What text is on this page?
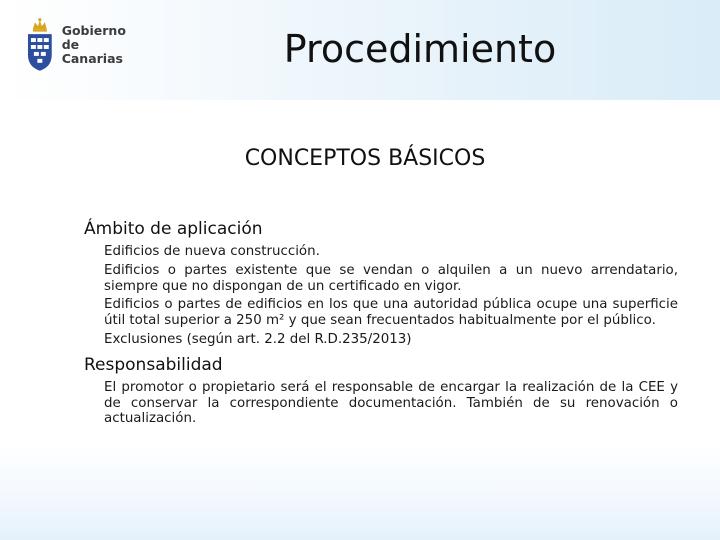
Gobierno
de Canarias	Procedimiento
CONCEPTOS BÁSICOS
Ámbito de aplicación
Edificios de nueva construcción.
Edificios o partes existente que se vendan o alquilen a un nuevo arrendatario, siempre que no dispongan de un certificado en vigor.
Edificios o partes de edificios en los que una autoridad pública ocupe una superficie útil total superior a 250 m² y que sean frecuentados habitualmente por el público.
Exclusiones (según art. 2.2 del R.D.235/2013)
Responsabilidad
El promotor o propietario será el responsable de encargar la realización de la CEE y de conservar la correspondiente documentación. También de su renovación o actualización.
